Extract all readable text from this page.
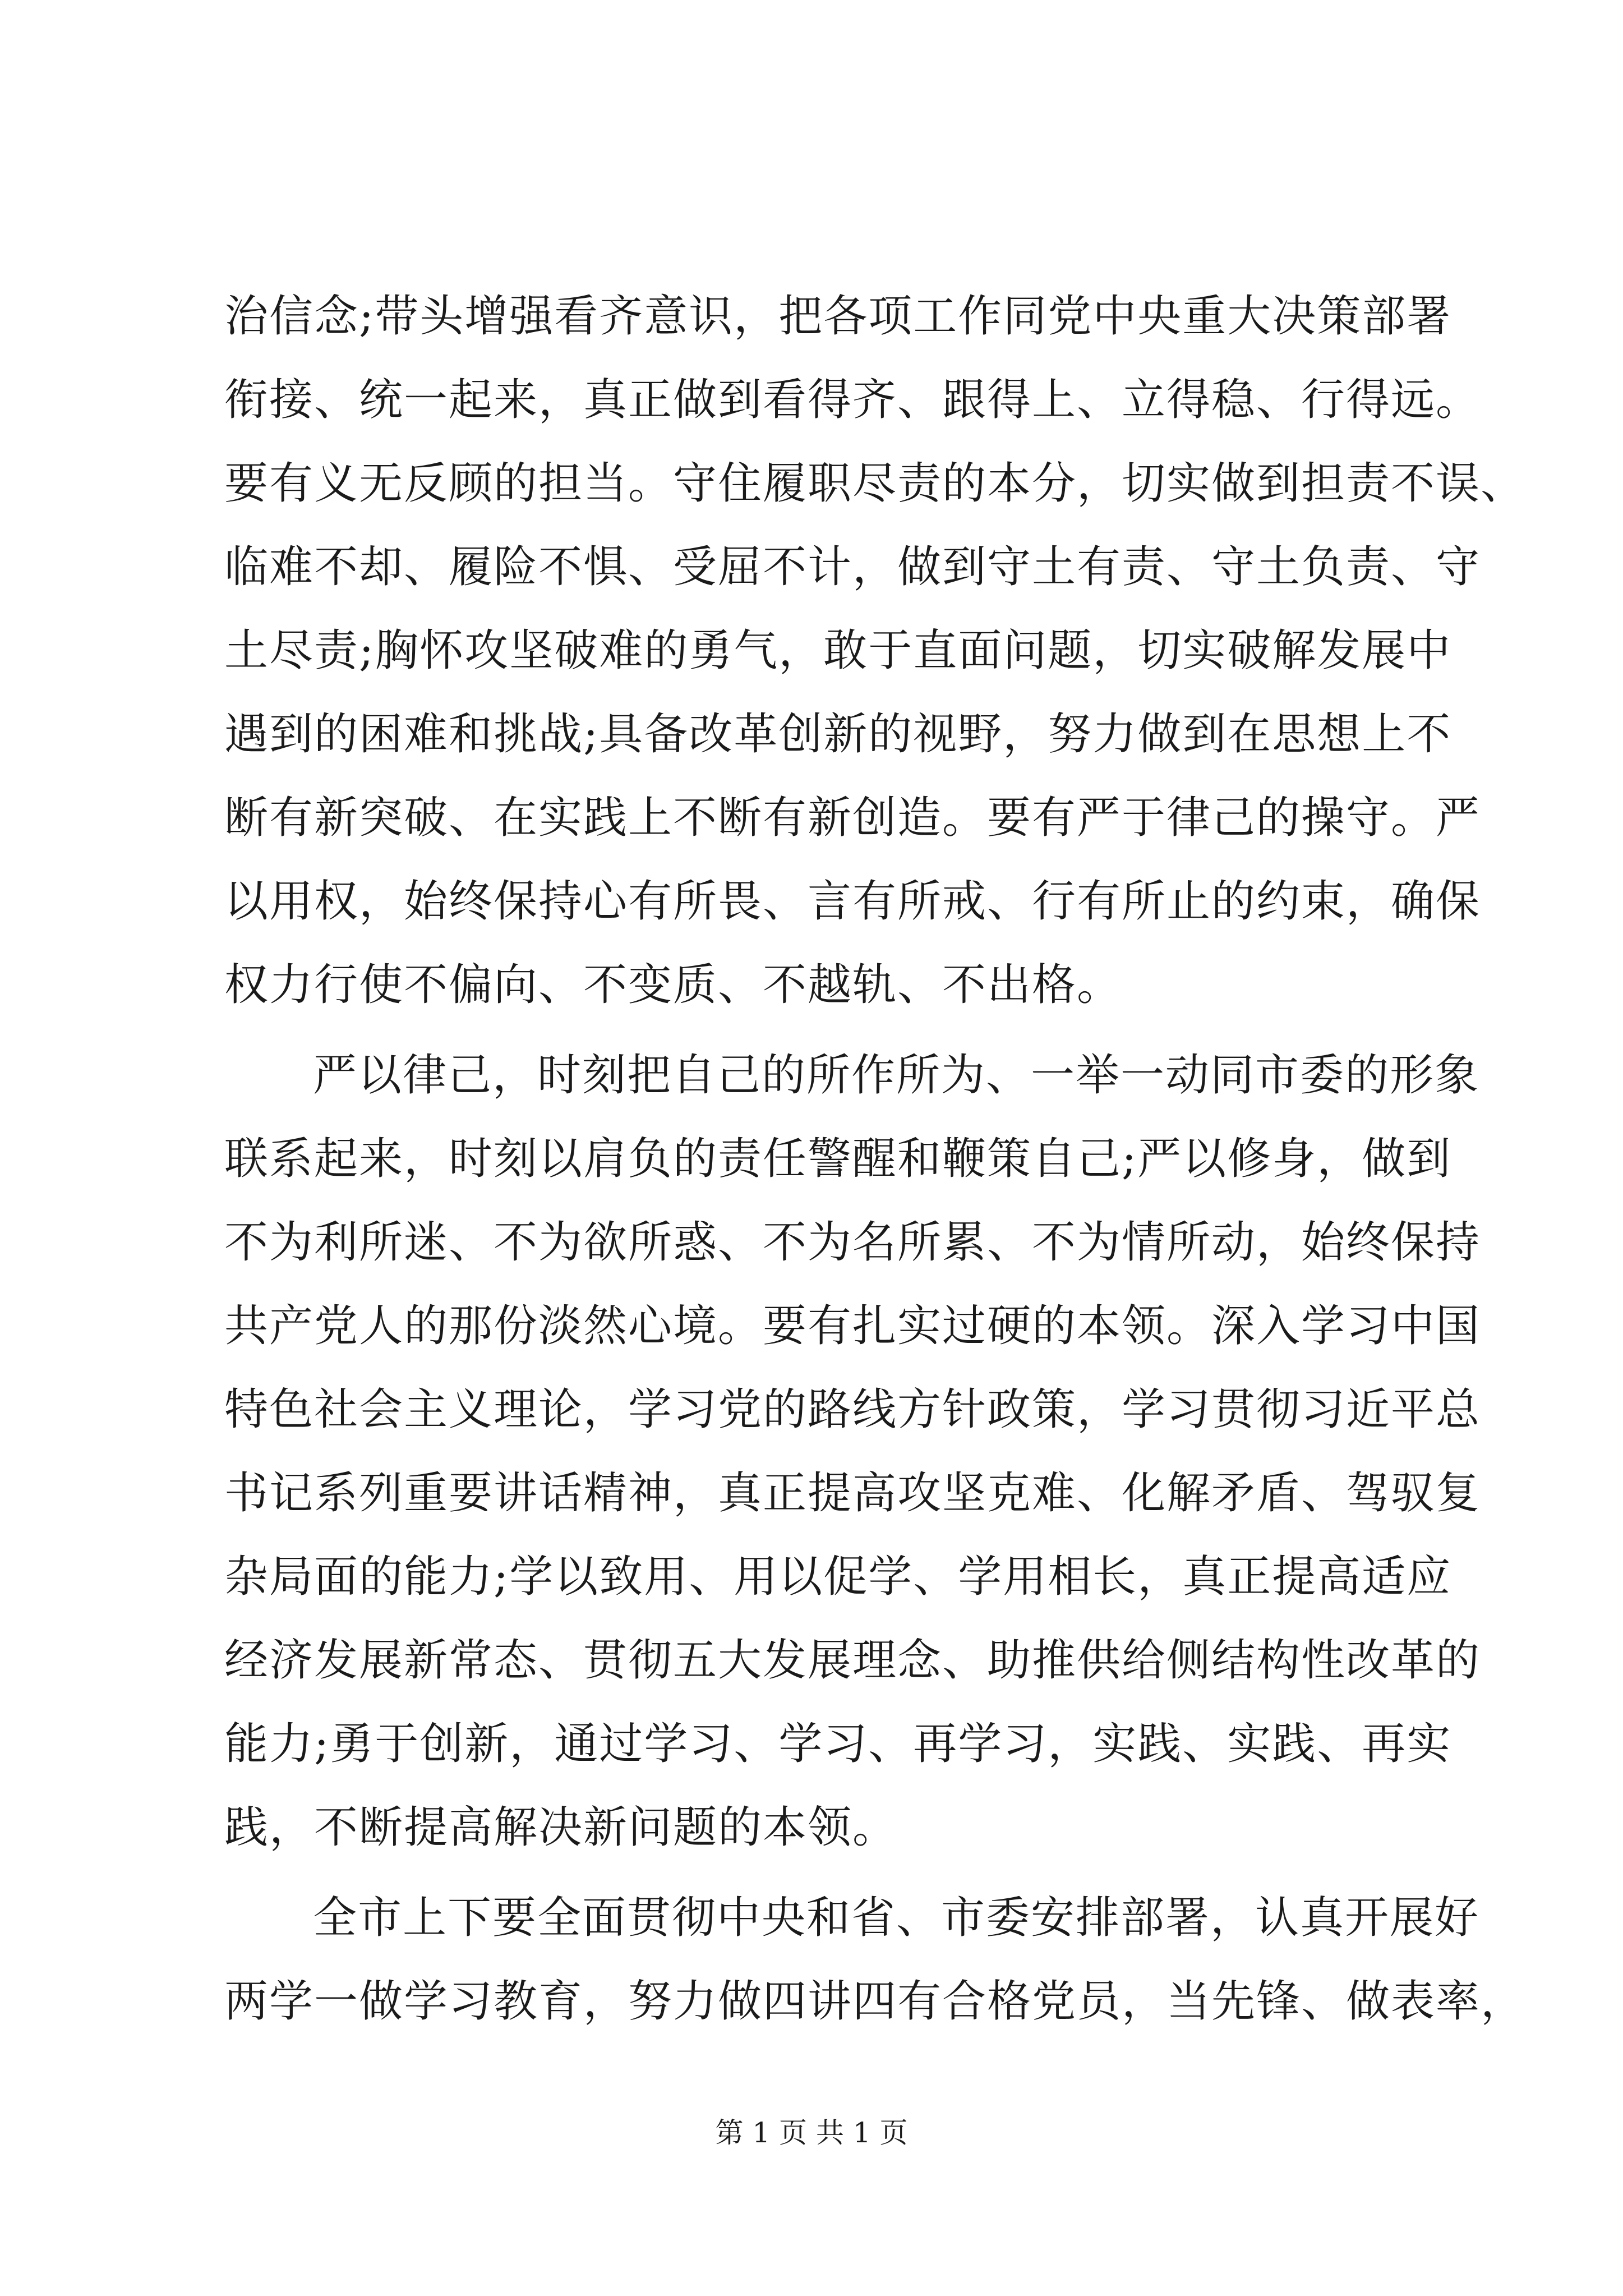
治信念;带头增强看齐意识，把各项工作同党中央重大决策部署
衔接、统一起来，真正做到看得齐、跟得上、立得稳、行得远。
要有义无反顾的担当。守住履职尽责的本分，切实做到担责不误、
临难不却、履险不惧、受屈不计，做到守土有责、守土负责、守
土尽责;胸怀攻坚破难的勇气，敢于直面问题，切实破解发展中
遇到的困难和挑战;具备改革创新的视野，努力做到在思想上不
断有新突破、在实践上不断有新创造。要有严于律己的操守。严
以用权，始终保持心有所畏、言有所戒、行有所止的约束，确保
权力行使不偏向、不变质、不越轨、不出格。
严以律己，时刻把自己的所作所为、一举一动同市委的形象
联系起来，时刻以肩负的责任警醒和鞭策自己;严以修身，做到
不为利所迷、不为欲所惑、不为名所累、不为情所动，始终保持
共产党人的那份淡然心境。要有扎实过硬的本领。深入学习中国
特色社会主义理论，学习党的路线方针政策，学习贯彻习近平总
书记系列重要讲话精神，真正提高攻坚克难、化解矛盾、驾驭复
杂局面的能力;学以致用、用以促学、学用相长，真正提高适应
经济发展新常态、贯彻五大发展理念、助推供给侧结构性改革的
能力;勇于创新，通过学习、学习、再学习，实践、实践、再实
践，不断提高解决新问题的本领。
全市上下要全面贯彻中央和省、市委安排部署，认真开展好
两学一做学习教育，努力做四讲四有合格党员，当先锋、做表率，
第 1 页 共 1 页
